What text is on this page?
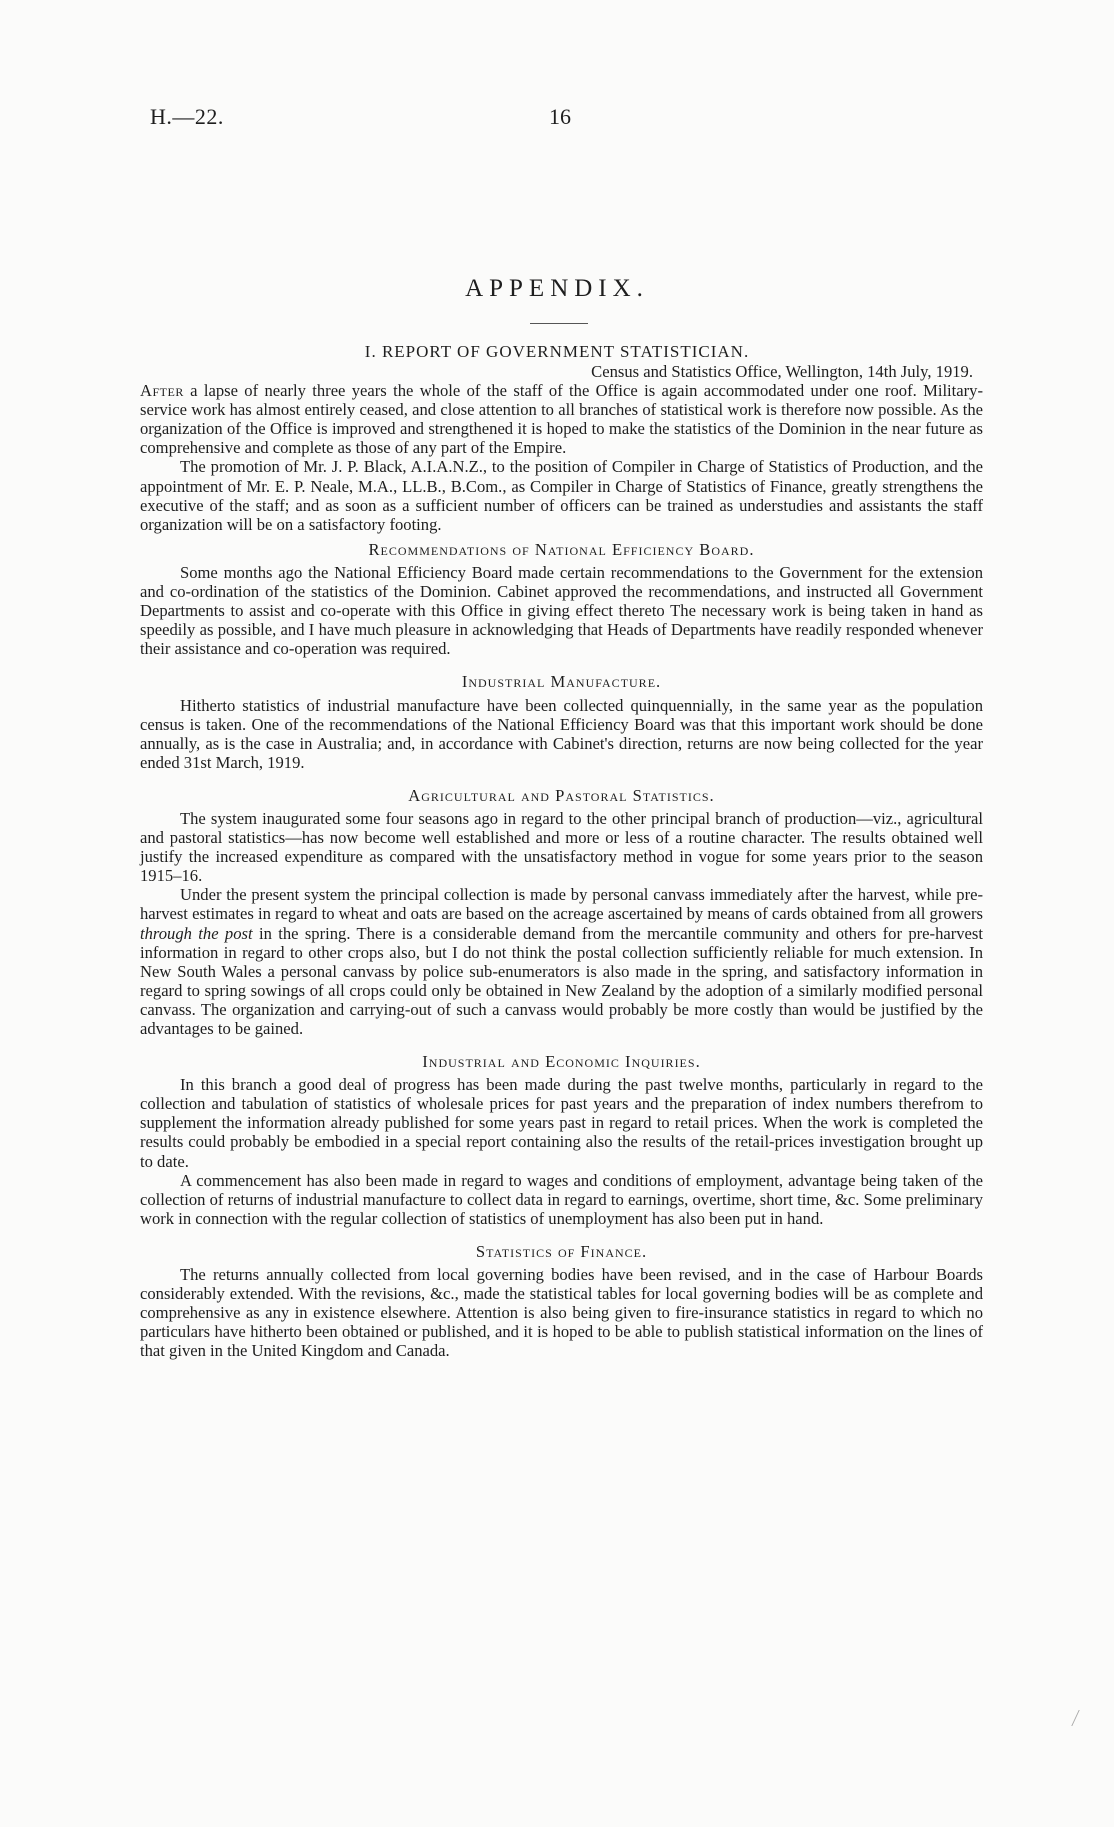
H.—22.	16
APPENDIX.
I. REPORT OF GOVERNMENT STATISTICIAN.
Census and Statistics Office, Wellington, 14th July, 1919.

After a lapse of nearly three years the whole of the staff of the Office is again accommodated under one roof. Military-service work has almost entirely ceased, and close attention to all branches of statistical work is therefore now possible. As the organization of the Office is improved and strengthened it is hoped to make the statistics of the Dominion in the near future as comprehensive and complete as those of any part of the Empire.

The promotion of Mr. J. P. Black, A.I.A.N.Z., to the position of Compiler in Charge of Statistics of Production, and the appointment of Mr. E. P. Neale, M.A., LL.B., B.Com., as Compiler in Charge of Statistics of Finance, greatly strengthens the executive of the staff; and as soon as a sufficient number of officers can be trained as understudies and assistants the staff organization will be on a satisfactory footing.

Recommendations of National Efficiency Board.

Some months ago the National Efficiency Board made certain recommendations to the Government for the extension and co-ordination of the statistics of the Dominion. Cabinet approved the recommendations, and instructed all Government Departments to assist and co-operate with this Office in giving effect thereto The necessary work is being taken in hand as speedily as possible, and I have much pleasure in acknowledging that Heads of Departments have readily responded whenever their assistance and co-operation was required.

Industrial Manufacture.

Hitherto statistics of industrial manufacture have been collected quinquennially, in the same year as the population census is taken. One of the recommendations of the National Efficiency Board was that this important work should be done annually, as is the case in Australia; and, in accordance with Cabinet's direction, returns are now being collected for the year ended 31st March, 1919.

Agricultural and Pastoral Statistics.

The system inaugurated some four seasons ago in regard to the other principal branch of production—viz., agricultural and pastoral statistics—has now become well established and more or less of a routine character. The results obtained well justify the increased expenditure as compared with the unsatisfactory method in vogue for some years prior to the season 1915–16.

Under the present system the principal collection is made by personal canvass immediately after the harvest, while pre-harvest estimates in regard to wheat and oats are based on the acreage ascertained by means of cards obtained from all growers through the post in the spring. There is a considerable demand from the mercantile community and others for pre-harvest information in regard to other crops also, but I do not think the postal collection sufficiently reliable for much extension. In New South Wales a personal canvass by police sub-enumerators is also made in the spring, and satisfactory information in regard to spring sowings of all crops could only be obtained in New Zealand by the adoption of a similarly modified personal canvass. The organization and carrying-out of such a canvass would probably be more costly than would be justified by the advantages to be gained.

Industrial and Economic Inquiries.

In this branch a good deal of progress has been made during the past twelve months, particularly in regard to the collection and tabulation of statistics of wholesale prices for past years and the preparation of index numbers therefrom to supplement the information already published for some years past in regard to retail prices. When the work is completed the results could probably be embodied in a special report containing also the results of the retail-prices investigation brought up to date.

A commencement has also been made in regard to wages and conditions of employment, advantage being taken of the collection of returns of industrial manufacture to collect data in regard to earnings, overtime, short time, &c. Some preliminary work in connection with the regular collection of statistics of unemployment has also been put in hand.

Statistics of Finance.

The returns annually collected from local governing bodies have been revised, and in the case of Harbour Boards considerably extended. With the revisions, &c., made the statistical tables for local governing bodies will be as complete and comprehensive as any in existence elsewhere. Attention is also being given to fire-insurance statistics in regard to which no particulars have hitherto been obtained or published, and it is hoped to be able to publish statistical information on the lines of that given in the United Kingdom and Canada.
